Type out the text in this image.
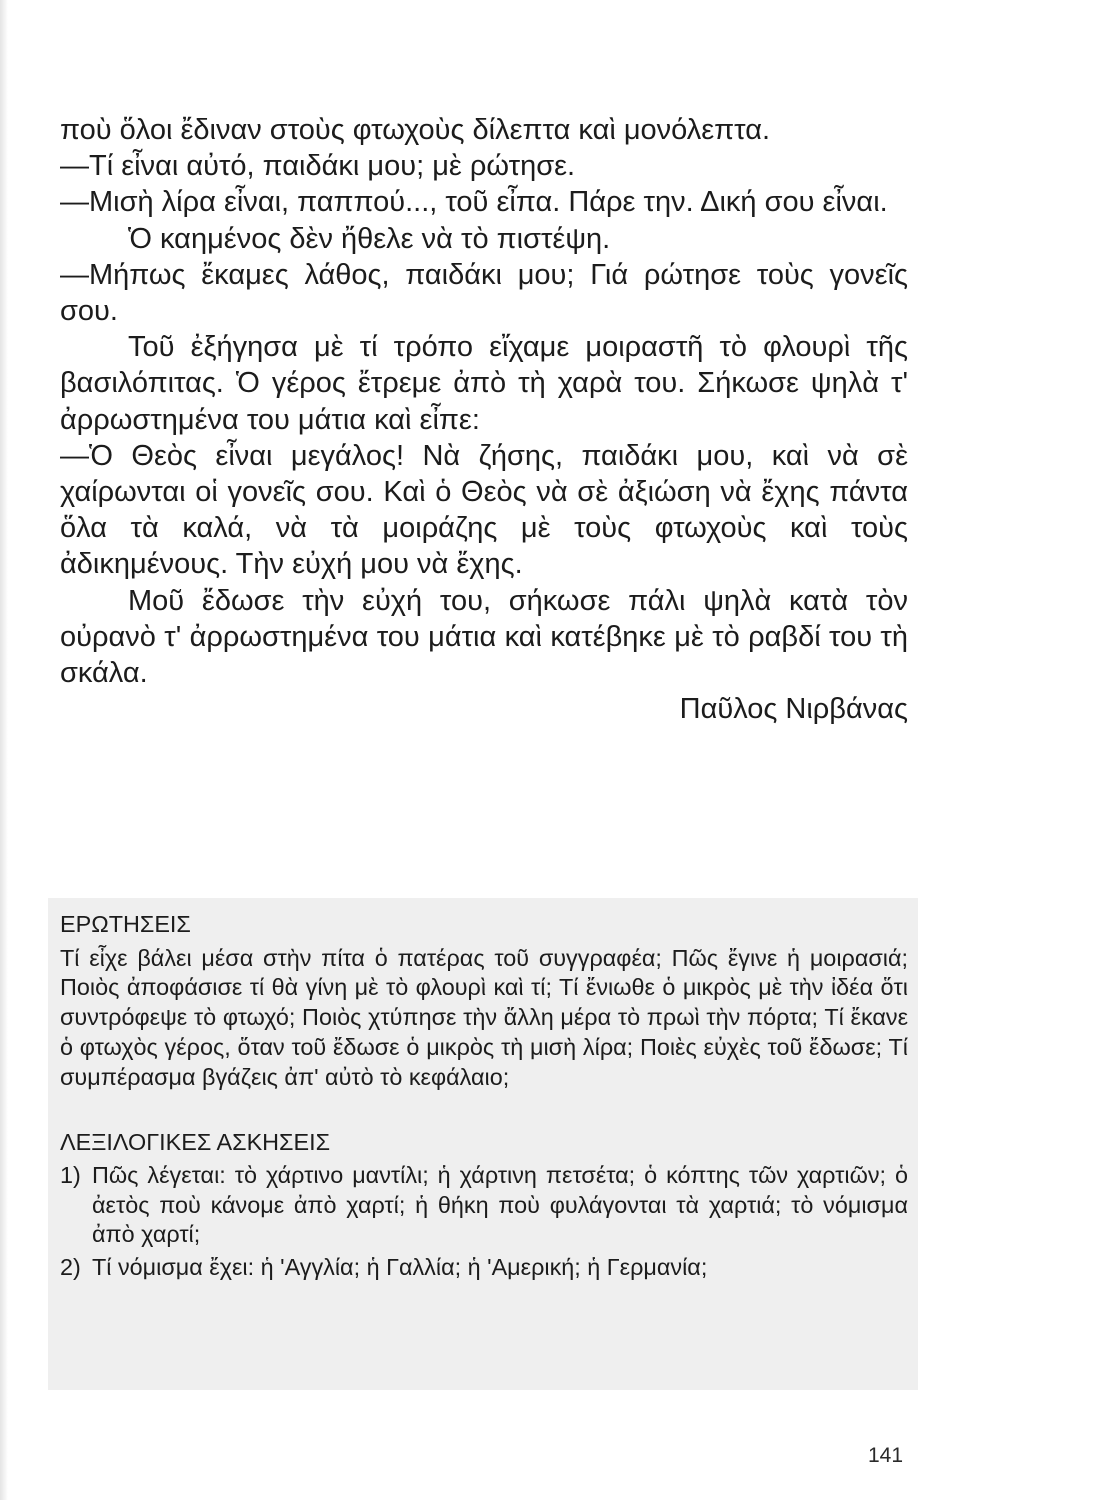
ποὺ ὅλοι ἔδιναν στοὺς φτωχοὺς δίλεπτα καὶ μονόλεπτα.

—Τί εἶναι αὐτό, παιδάκι μου; μὲ ρώτησε.

—Μισὴ λίρα εἶναι, παππού..., τοῦ εἶπα. Πάρε την. Δική σου εἶναι.

Ὁ καημένος δὲν ἤθελε νὰ τὸ πιστέψη.

—Μήπως ἔκαμες λάθος, παιδάκι μου; Γιά ρώτησε τοὺς γονεῖς σου.

Τοῦ ἐξήγησα μὲ τί τρόπο εἴχαμε μοιραστῆ τὸ φλουρὶ τῆς βασιλόπιτας. Ὁ γέρος ἔτρεμε ἀπὸ τὴ χαρὰ του. Σήκωσε ψηλὰ τ' ἀρρωστημένα του μάτια καὶ εἶπε:

—Ὁ Θεὸς εἶναι μεγάλος! Νὰ ζήσης, παιδάκι μου, καὶ νὰ σὲ χαίρωνται οἱ γονεῖς σου. Καὶ ὁ Θεὸς νὰ σὲ ἀξιώση νὰ ἔχης πάντα ὅλα τὰ καλά, νὰ τὰ μοιράζης μὲ τοὺς φτωχοὺς καὶ τοὺς ἀδικημένους. Τὴν εὐχή μου νὰ ἔχης.

Μοῦ ἔδωσε τὴν εὐχή του, σήκωσε πάλι ψηλὰ κατὰ τὸν οὐρανὸ τ' ἀρρωστημένα του μάτια καὶ κατέβηκε μὲ τὸ ραβδί του τὴ σκάλα.

Παῦλος Νιρβάνας

ΕΡΩΤΗΣΕΙΣ

Τί εἶχε βάλει μέσα στὴν πίτα ὁ πατέρας τοῦ συγγραφέα; Πῶς ἔγινε ἡ μοιρασιά; Ποιὸς ἀποφάσισε τί θὰ γίνη μὲ τὸ φλουρὶ καὶ τί; Τί ἔνιωθε ὁ μικρὸς μὲ τὴν ἰδέα ὅτι συντρόφεψε τὸ φτωχό; Ποιὸς χτύπησε τὴν ἄλλη μέρα τὸ πρωὶ τὴν πόρτα; Τί ἔκανε ὁ φτωχὸς γέρος, ὅταν τοῦ ἔδωσε ὁ μικρὸς τὴ μισὴ λίρα; Ποιὲς εὐχὲς τοῦ ἔδωσε; Τί συμπέρασμα βγάζεις ἀπ' αὐτὸ τὸ κεφάλαιο;

ΛΕΞΙΛΟΓΙΚΕΣ ΑΣΚΗΣΕΙΣ

1) Πῶς λέγεται: τὸ χάρτινο μαντίλι; ἡ χάρτινη πετσέτα; ὁ κόπτης τῶν χαρτιῶν; ὁ ἀετὸς ποὺ κάνομε ἀπὸ χαρτί; ἡ θήκη ποὺ φυλάγονται τὰ χαρτιά; τὸ νόμισμα ἀπὸ χαρτί;

2) Τί νόμισμα ἔχει: ἡ 'Αγγλία; ἡ Γαλλία; ἡ 'Αμερική; ἡ Γερμανία;

141
